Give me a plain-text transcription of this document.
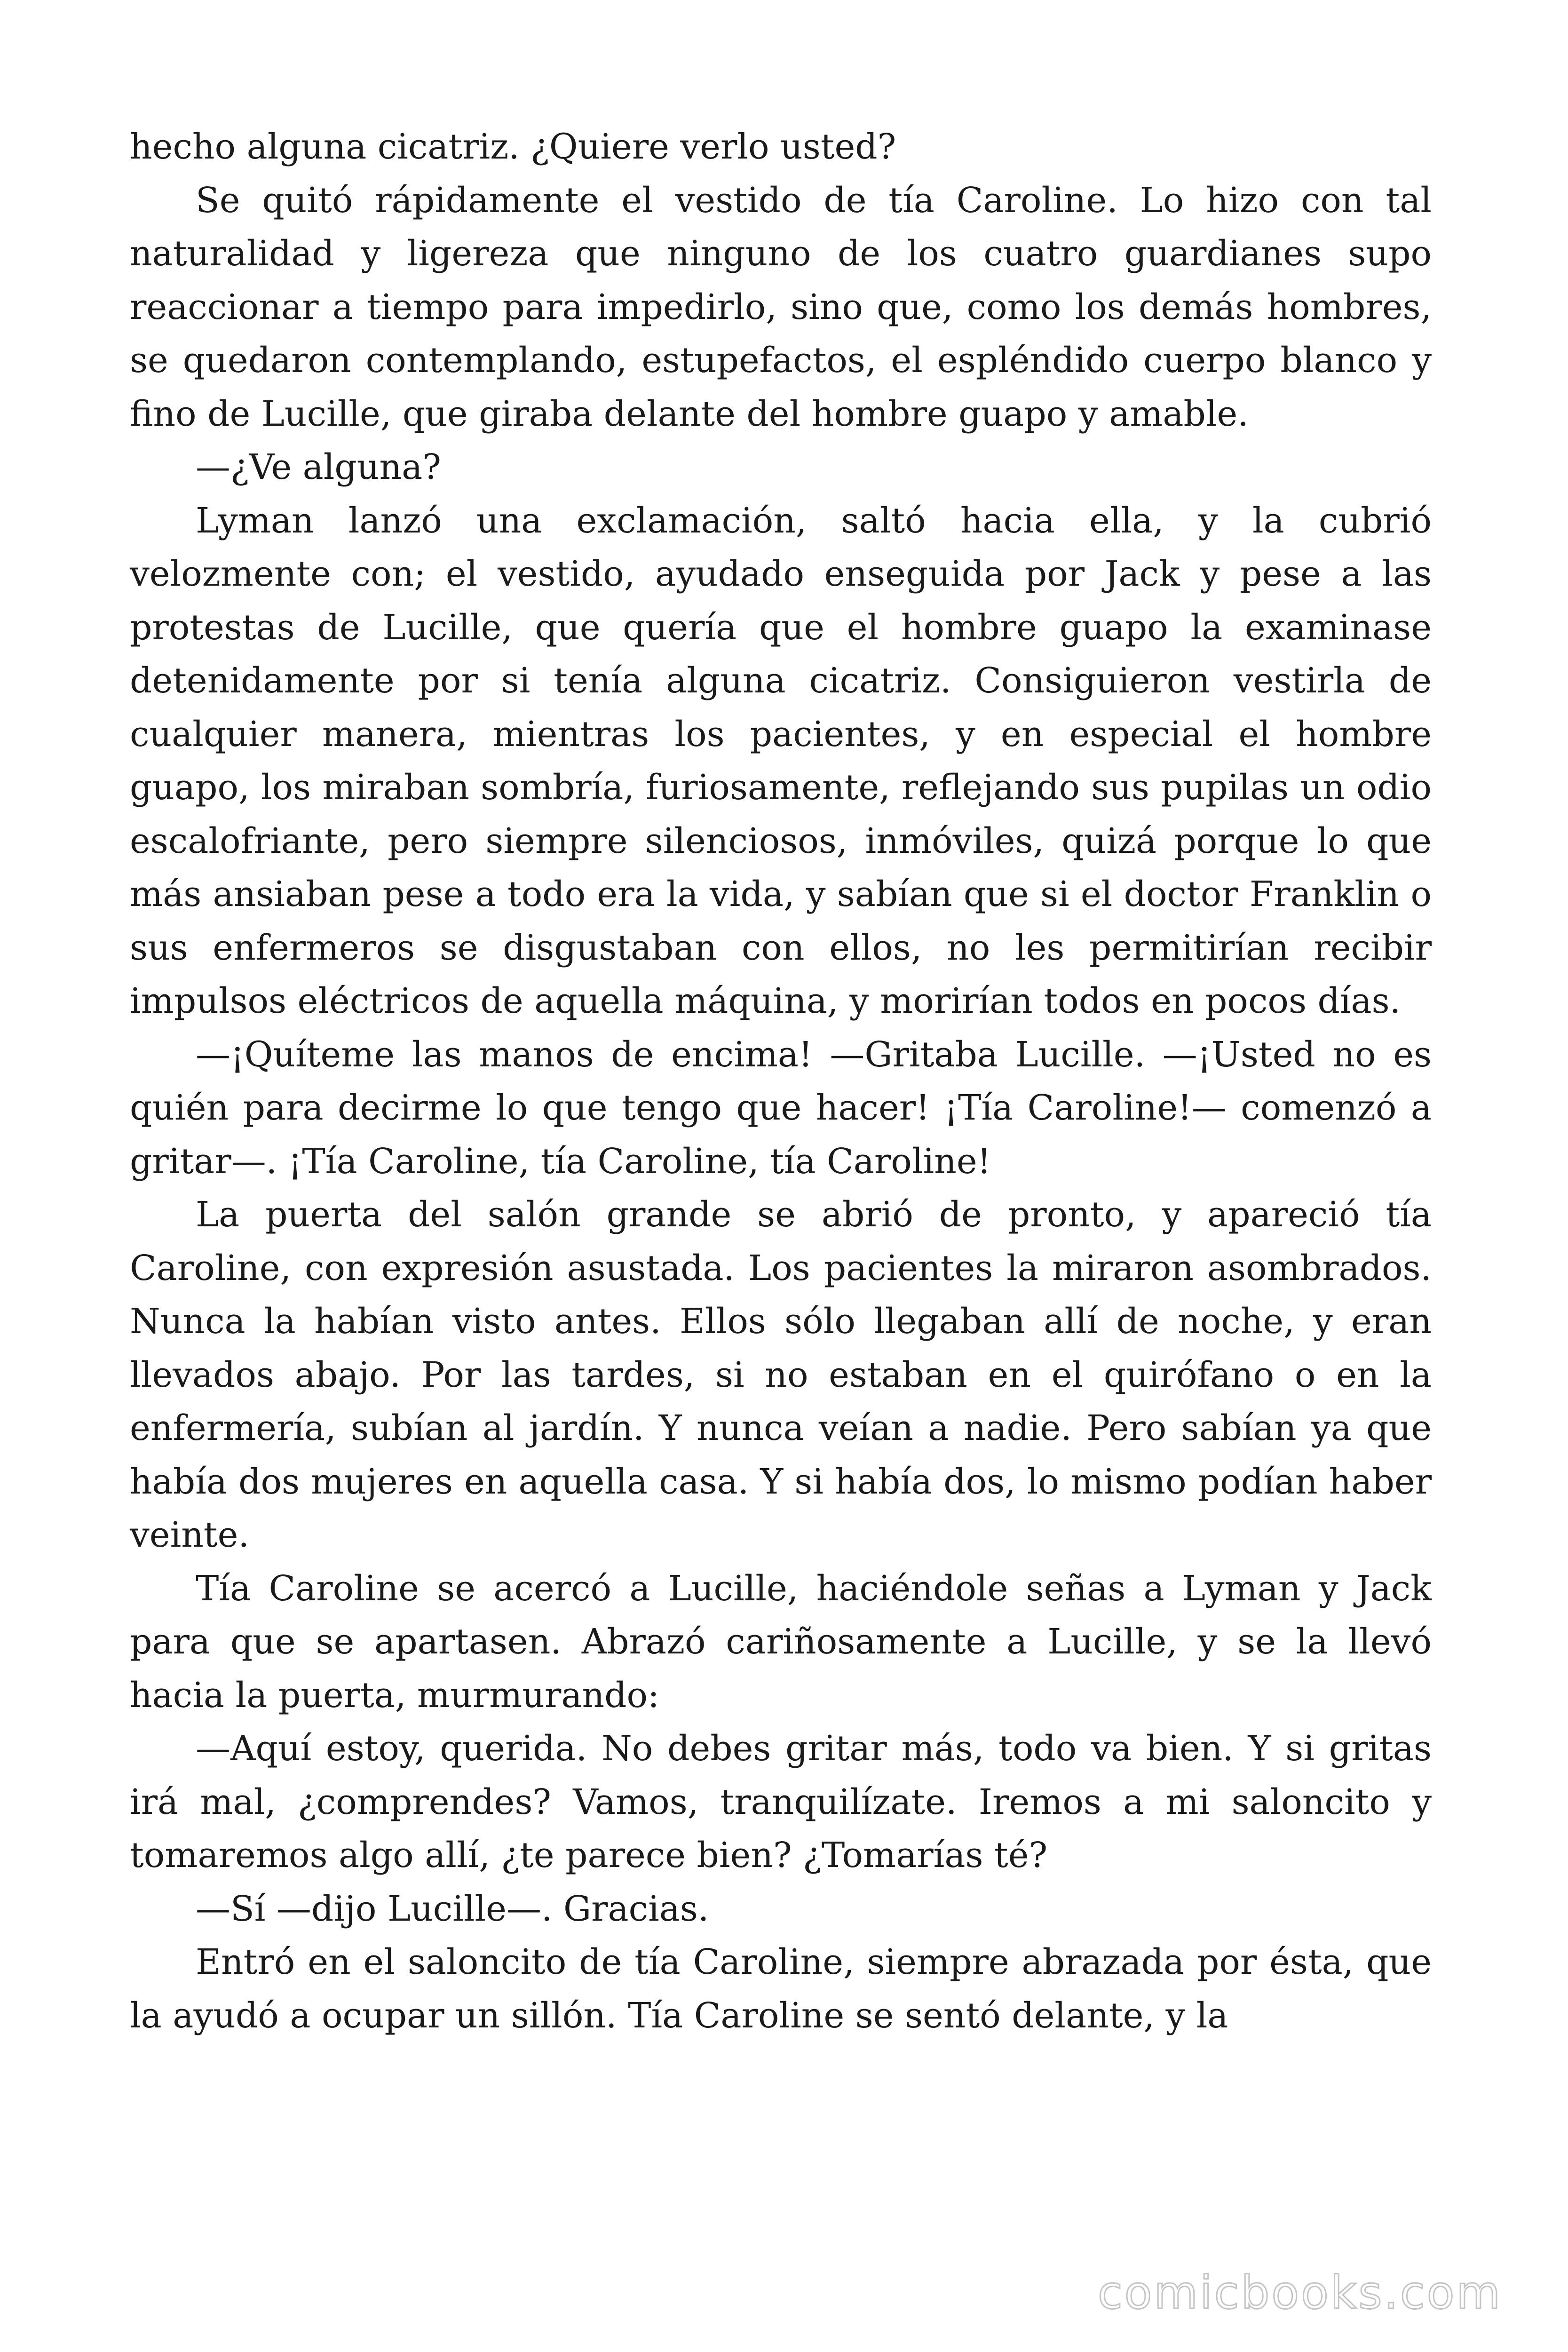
hecho alguna cicatriz. ¿Quiere verlo usted?

Se quitó rápidamente el vestido de tía Caroline. Lo hizo con tal naturalidad y ligereza que ninguno de los cuatro guardianes supo reaccionar a tiempo para impedirlo, sino que, como los demás hombres, se quedaron contemplando, estupefactos, el espléndido cuerpo blanco y fino de Lucille, que giraba delante del hombre guapo y amable.

—¿Ve alguna?

Lyman lanzó una exclamación, saltó hacia ella, y la cubrió velozmente con; el vestido, ayudado enseguida por Jack y pese a las protestas de Lucille, que quería que el hombre guapo la examinase detenidamente por si tenía alguna cicatriz. Consiguieron vestirla de cualquier manera, mientras los pacientes, y en especial el hombre guapo, los miraban sombría, furiosamente, reflejando sus pupilas un odio escalofriante, pero siempre silenciosos, inmóviles, quizá porque lo que más ansiaban pese a todo era la vida, y sabían que si el doctor Franklin o sus enfermeros se disgustaban con ellos, no les permitirían recibir impulsos eléctricos de aquella máquina, y morirían todos en pocos días.

—¡Quíteme las manos de encima! —Gritaba Lucille. —¡Usted no es quién para decirme lo que tengo que hacer! ¡Tía Caroline!— comenzó a gritar—. ¡Tía Caroline, tía Caroline, tía Caroline!

La puerta del salón grande se abrió de pronto, y apareció tía Caroline, con expresión asustada. Los pacientes la miraron asombrados. Nunca la habían visto antes. Ellos sólo llegaban allí de noche, y eran llevados abajo. Por las tardes, si no estaban en el quirófano o en la enfermería, subían al jardín. Y nunca veían a nadie. Pero sabían ya que había dos mujeres en aquella casa. Y si había dos, lo mismo podían haber veinte.

Tía Caroline se acercó a Lucille, haciéndole señas a Lyman y Jack para que se apartasen. Abrazó cariñosamente a Lucille, y se la llevó hacia la puerta, murmurando:

—Aquí estoy, querida. No debes gritar más, todo va bien. Y si gritas irá mal, ¿comprendes? Vamos, tranquilízate. Iremos a mi saloncito y tomaremos algo allí, ¿te parece bien? ¿Tomarías té?

—Sí —dijo Lucille—. Gracias.

Entró en el saloncito de tía Caroline, siempre abrazada por ésta, que la ayudó a ocupar un sillón. Tía Caroline se sentó delante, y la

comicbooks.com
